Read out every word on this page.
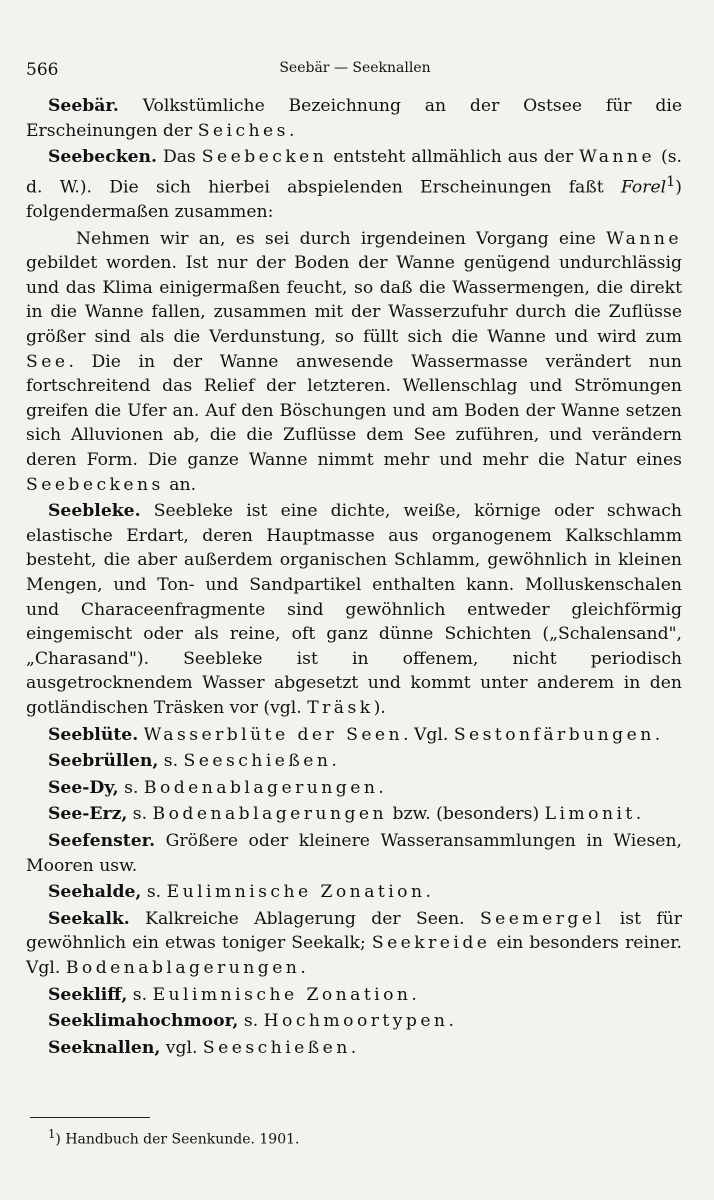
566	Seebär — Seeknallen

Seebär. Volkstümliche Bezeichnung an der Ostsee für die Erscheinungen der Seiches.

Seebecken. Das Seebecken entsteht allmählich aus der Wanne (s. d. W.). Die sich hierbei abspielenden Erscheinungen faßt Forel$^1$) folgendermaßen zusammen:

Nehmen wir an, es sei durch irgendeinen Vorgang eine Wanne gebildet worden. Ist nur der Boden der Wanne genügend undurchlässig und das Klima einigermaßen feucht, so daß die Wassermengen, die direkt in die Wanne fallen, zusammen mit der Wasserzufuhr durch die Zuflüsse größer sind als die Verdunstung, so füllt sich die Wanne und wird zum See. Die in der Wanne anwesende Wassermasse verändert nun fortschreitend das Relief der letzteren. Wellenschlag und Strömungen greifen die Ufer an. Auf den Böschungen und am Boden der Wanne setzen sich Alluvionen ab, die die Zuflüsse dem See zuführen, und verändern deren Form. Die ganze Wanne nimmt mehr und mehr die Natur eines Seebeckens an.

Seebleke. Seebleke ist eine dichte, weiße, körnige oder schwach elastische Erdart, deren Hauptmasse aus organogenem Kalkschlamm besteht, die aber außerdem organischen Schlamm, gewöhnlich in kleinen Mengen, und Ton- und Sandpartikel enthalten kann. Molluskenschalen und Characeenfragmente sind gewöhnlich entweder gleichförmig eingemischt oder als reine, oft ganz dünne Schichten („Schalensand", „Charasand"). Seebleke ist in offenem, nicht periodisch ausgetrocknendem Wasser abgesetzt und kommt unter anderem in den gotländischen Träsken vor (vgl. Träsk).

Seeblüte. Wasserblüte der Seen. Vgl. Sestonfärbungen.

Seebrüllen, s. Seeschießen.

See-Dy, s. Bodenablagerungen.

See-Erz, s. Bodenablagerungen bzw. (besonders) Limonit.

Seefenster. Größere oder kleinere Wasseransammlungen in Wiesen, Mooren usw.

Seehalde, s. Eulimnische Zonation.

Seekalk. Kalkreiche Ablagerung der Seen. Seemergel ist für gewöhnlich ein etwas toniger Seekalk; Seekreide ein besonders reiner. Vgl. Bodenablagerungen.

Seekliff, s. Eulimnische Zonation.

Seeklimahochmoor, s. Hochmoortypen.

Seeknallen, vgl. Seeschießen.

$^1$) Handbuch der Seenkunde. 1901.
